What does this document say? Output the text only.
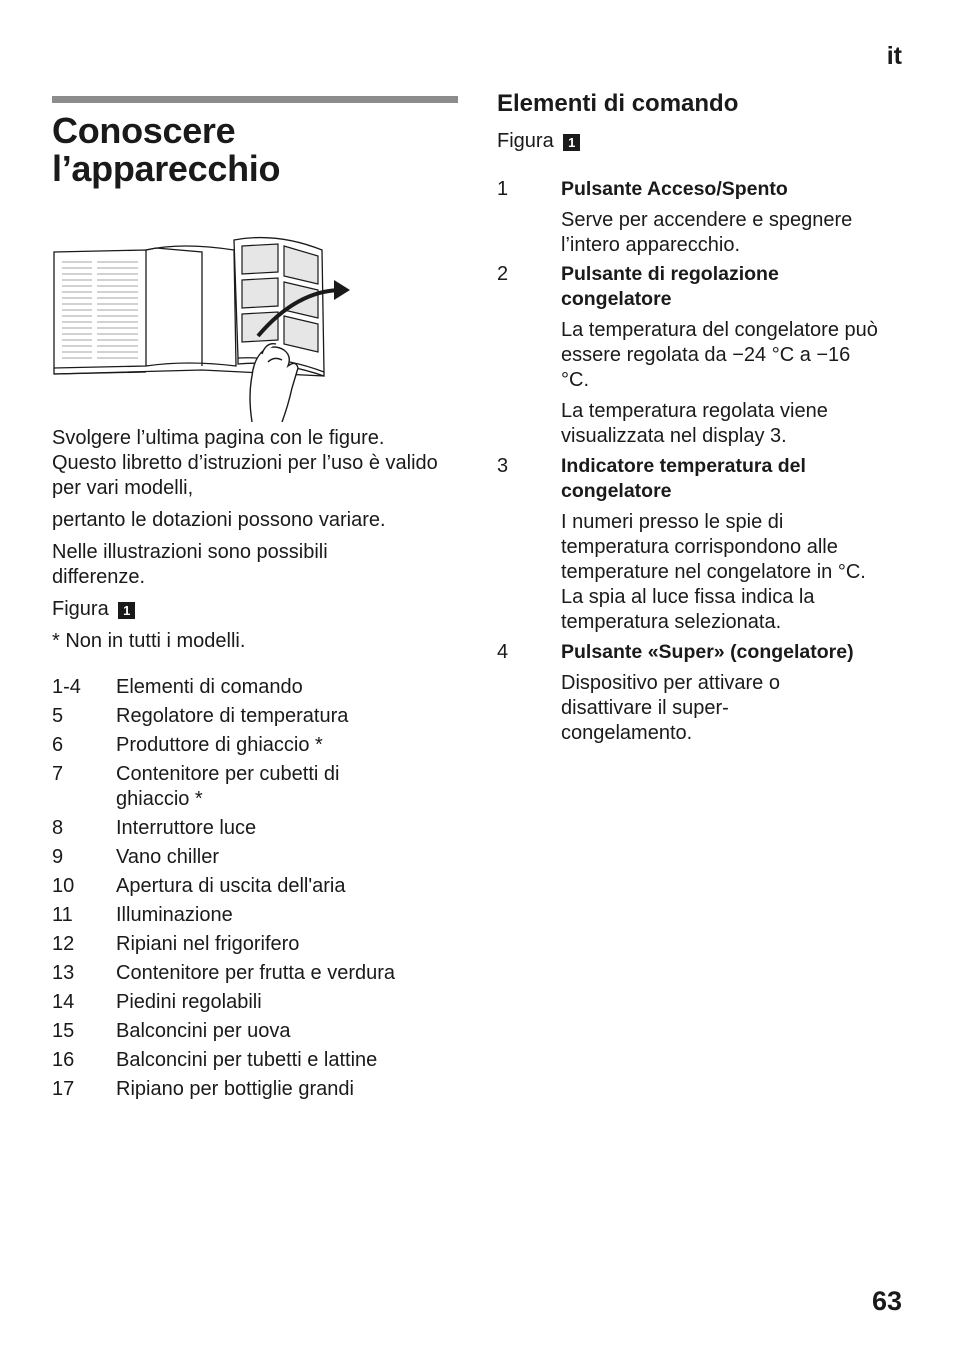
it
Conoscere l’apparecchio
Svolgere l’ultima pagina con le figure. Questo libretto d’istruzioni per l’uso è valido per vari modelli,
pertanto le dotazioni possono variare.
Nelle illustrazioni sono possibili differenze.
Figura 1
* Non in tutti i modelli.
1-4	Elementi di comando
5	Regolatore di temperatura
6	Produttore di ghiaccio *
7	Contenitore per cubetti di ghiaccio *
8	Interruttore luce
9	Vano chiller
10	Apertura di uscita dell'aria
11	Illuminazione
12	Ripiani nel frigorifero
13	Contenitore per frutta e verdura
14	Piedini regolabili
15	Balconcini per uova
16	Balconcini per tubetti e lattine
17	Ripiano per bottiglie grandi
Elementi di comando
Figura 1
1	Pulsante Acceso/Spento
Serve per accendere e spegnere l’intero apparecchio.
2	Pulsante di regolazione congelatore
La temperatura del congelatore può essere regolata da −24 °C a −16 °C.
La temperatura regolata viene visualizzata nel display 3.
3	Indicatore temperatura del congelatore
I numeri presso le spie di temperatura corrispondono alle temperature nel congelatore in °C. La spia al luce fissa indica la temperatura selezionata.
4	Pulsante «Super» (congelatore)
Dispositivo per attivare o disattivare il super-congelamento.
63
